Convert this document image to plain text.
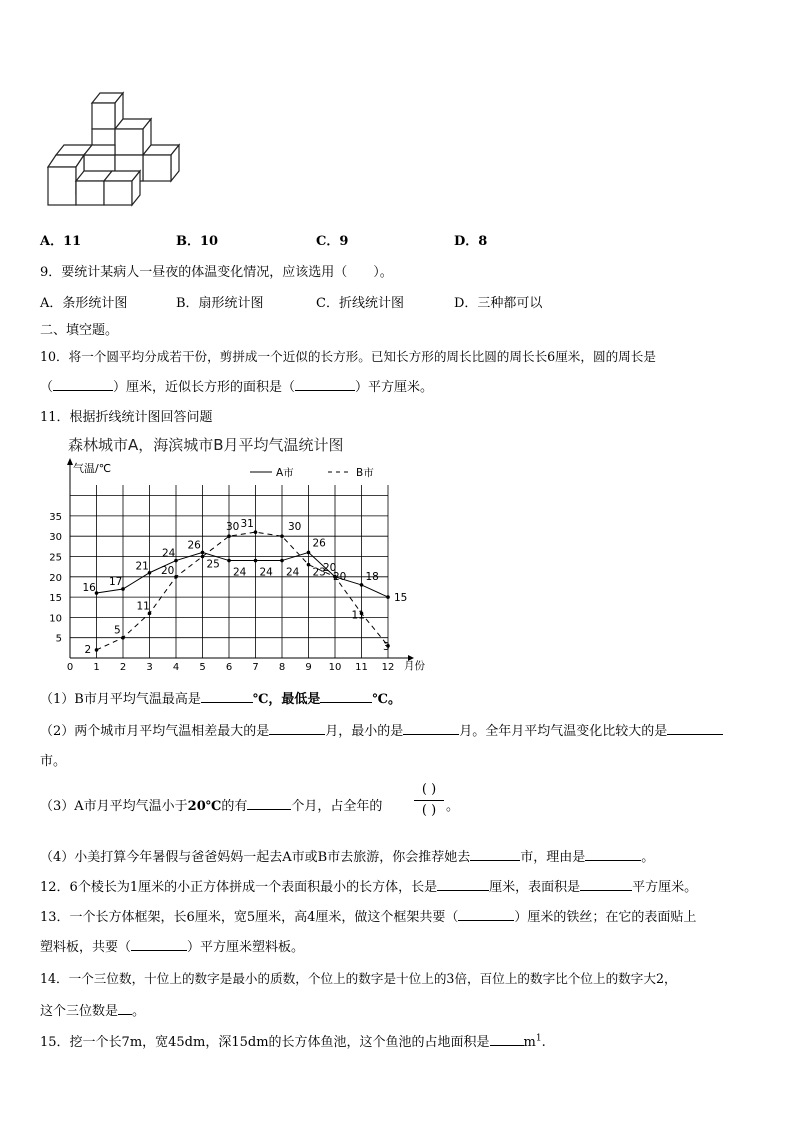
A．11	B．10	C．9	D．8
9．要统计某病人一昼夜的体温变化情况，应该选用（　　）。
A．条形统计图	B．扇形统计图	C．折线统计图	D．三种都可以
二、填空题。
10．将一个圆平均分成若干份，剪拼成一个近似的长方形。已知长方形的周长比圆的周长长6厘米，圆的周长是
（	）厘米，近似长方形的面积是（	）平方厘米。
11．根据折线统计图回答问题
森林城市A，海滨城市B月平均气温统计图
气温/℃
月份
0 1 2 3 4 5 6 7 8 9 10 11 12
5
10
15
20
25
30
35
A市	B市
16
17
21
24
26
24 24 24
26
20
18
15
2
5
11
20
25
30 31	30
23 20
11
3
（1）B市月平均气温最高是	℃，最低是	℃。
（2）两个城市月平均气温相差最大的是	月，最小的是	月。全年月平均气温变化比较大的是
市。
（3）A市月平均气温小于20℃的有	个月，占全年的
( )
( ) 。
（4）小美打算今年暑假与爸爸妈妈一起去A市或B市去旅游，你会推荐她去	市，理由是	。
12．6个棱长为1厘米的小正方体拼成一个表面积最小的长方体，长是	厘米，表面积是	平方厘米。
13．一个长方体框架，长6厘米，宽5厘米，高4厘米，做这个框架共要（	）厘米的铁丝；在它的表面贴上
塑料板，共要（	）平方厘米塑料板。
14．一个三位数，十位上的数字是最小的质数，个位上的数字是十位上的3倍，百位上的数字比个位上的数字大2，
这个三位数是 。
15．挖一个长7m，宽45dm，深15dm的长方体鱼池，这个鱼池的占地面积是	$m^1$.
